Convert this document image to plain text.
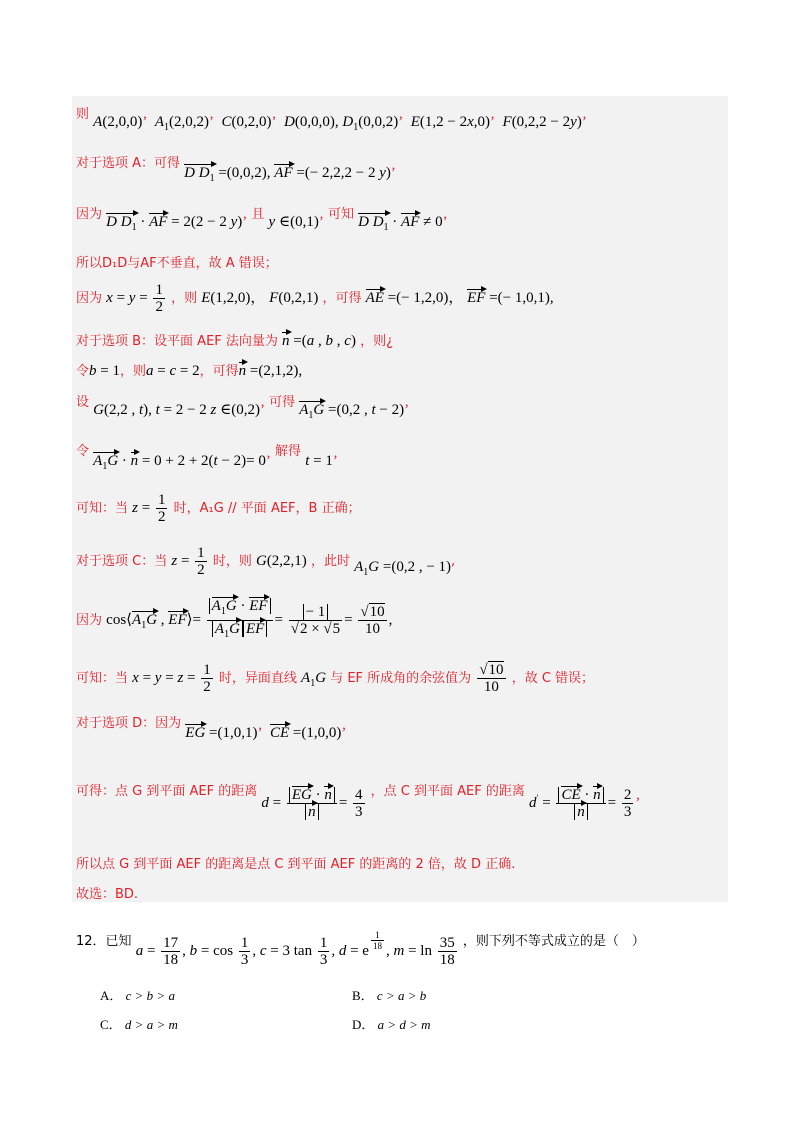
则 A(2,0,0)’ $A_1(2,0,2)$’ C(0,2,0)’ D(0,0,0), $D_1(0,0,2)$’ E(1,2 − 2x,0)’ F(0,2,2 − 2y)’
对于选项 A：可得 D $D_1 =(0,0,2)$, AF =(− 2,2,2 − 2 y)’
因为 D $D_1$ · AF = 2(2 − 2 y)’ 且 y ∈(0,1)’ 可知 D $D_1$ · AF ≠ 0’
所以D₁D与AF不垂直，故 A 错误；
因为 $x = y = \frac{1}{2}$ ，则 E(1,2,0)， F(0,2,1) ，可得 AE =(− 1,2,0)， EF =(− 1,0,1),
对于选项 B：设平面 AEF 法向量为 n =(a , b , c) ，则¿
令b = 1，则a = c = 2，可得n =(2,1,2),
设 G(2,2 , t), t = 2 − 2 z ∈(0,2)’ 可得 $A_1G =(0,2$ , t − 2)’
令 $A_1G \cdot n = 0 + 2 + 2(t - 2)= 0$’ 解得 t = 1’
可知：当 $z = \frac{1}{2}$ 时，A₁G // 平面 AEF，B 正确；
对于选项 C：当 $z = \frac{1}{2}$ 时，则 G(2,2,1) ，此时 $A_1G =(0,2$ , − 1),
因为 $\cos⟨A_1G$ , EF⟩= $\frac{A_1G \cdot EF}{A_1G EF} = \frac{- 1}{√2 \times √5} = \frac{√10}{10}$ ,
可知：当 $x = y = z = \frac{1}{2}$ 时，异面直线 $A_1G$ 与 EF 所成角的余弦值为 $\frac{√10}{10}$ ，故 C 错误；
对于选项 D：因为 EG =(1,0,1)’ CE =(1,0,0)’
可得：点 G 到平面 AEF 的距离 $d = \frac{EG \cdot n}{n} = \frac{4}{3}$ ，点 C 到平面 AEF 的距离 $d' = \frac{CE \cdot n}{n} = \frac{2}{3}$ ’
所以点 G 到平面 AEF 的距离是点 C 到平面 AEF 的距离的 2 倍，故 D 正确.
故选：BD.
12．已知 $a = \frac{17}{18}$ , $b = \cos \frac{1}{3}$ , c = 3 $\tan \frac{1}{3}$ , d = e $^{\frac{1}{18}}$ , $m = \ln \frac{35}{18}$ ，则下列不等式成立的是（　）
A． c > b > a	B． c > a > b
C． d > a > m	D． a > d > m
